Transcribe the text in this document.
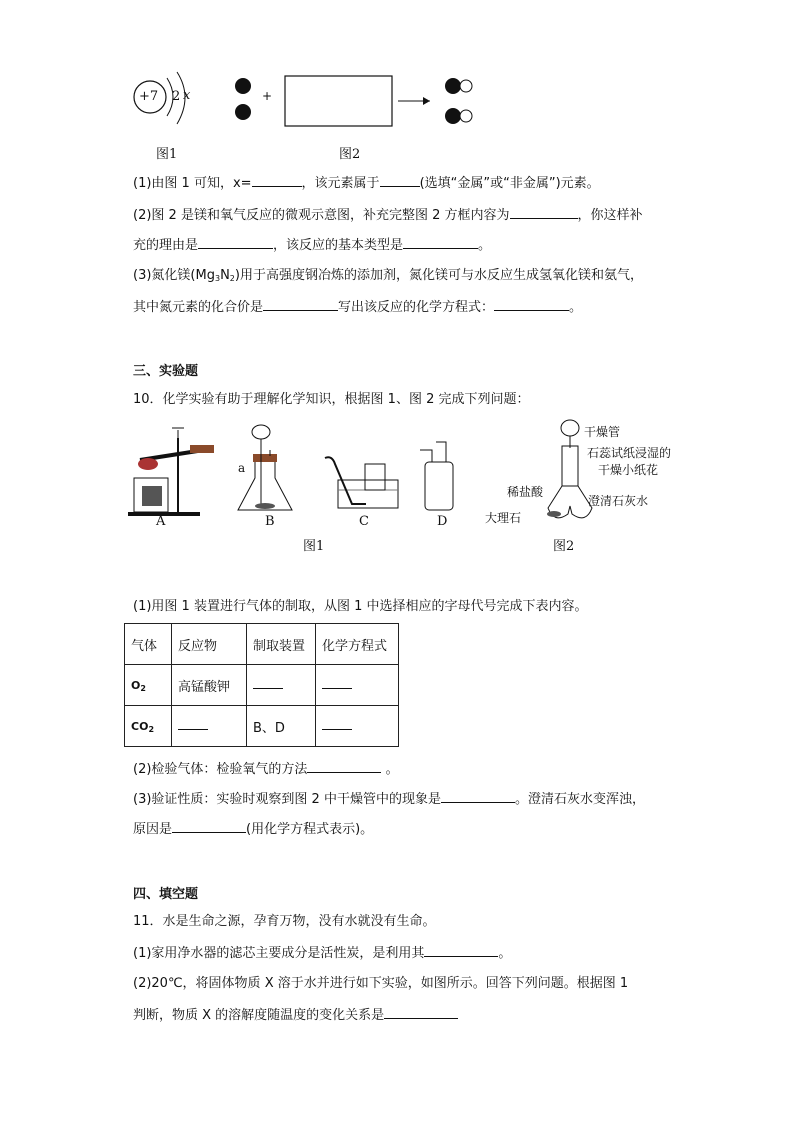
+7 2 x	+
图1	图2
(1)由图 1 可知，x=	，该元素属于	(选填“金属”或“非金属”)元素。
(2)图 2 是镁和氧气反应的微观示意图，补充完整图 2 方框内容为	，你这样补
充的理由是	，该反应的基本类型是	。
(3)氮化镁$(Mg_3N_2)$用于高强度钢冶炼的添加剂，氮化镁可与水反应生成氢氧化镁和氨气，
其中氮元素的化合价是	写出该反应的化学方程式：	。
三、实验题
10．化学实验有助于理解化学知识，根据图 1、图 2 完成下列问题：
A	B	C	D
a
图1
干燥管
石蕊试纸浸湿的
干燥小纸花
稀盐酸
澄清石灰水
大理石
图2
(1)用图 1 装置进行气体的制取，从图 1 中选择相应的字母代号完成下表内容。
气体	反应物	制取装置	化学方程式
$O_2$	高锰酸钾		
$CO_2$		B、D	
(2)检验气体：检验氧气的方法	。
(3)验证性质：实验时观察到图 2 中干燥管中的现象是	。澄清石灰水变浑浊，
原因是	(用化学方程式表示)。
四、填空题
11．水是生命之源，孕育万物，没有水就没有生命。
(1)家用净水器的滤芯主要成分是活性炭，是利用其	。
(2)20℃，将固体物质 X 溶于水并进行如下实验，如图所示。回答下列问题。根据图 1
判断，物质 X 的溶解度随温度的变化关系是
